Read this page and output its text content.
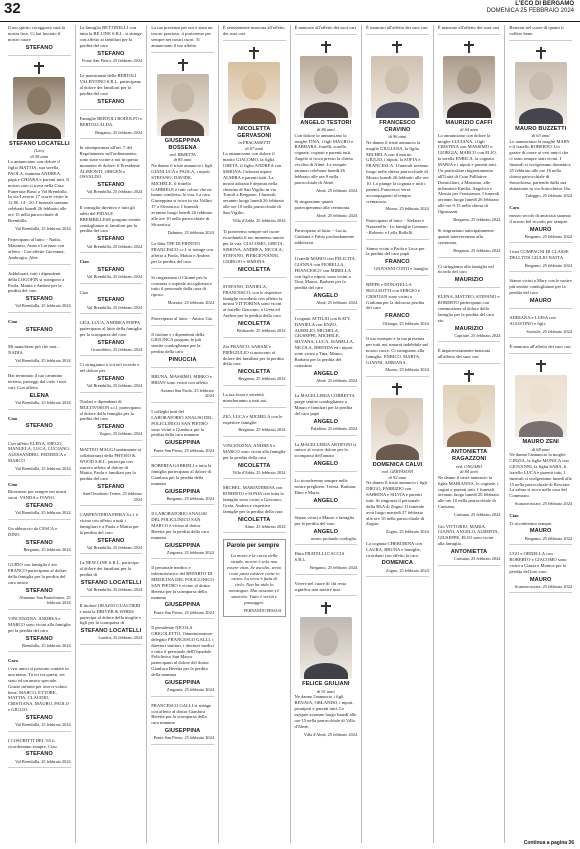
32	L'ECO DI BERGAMO
DOMENICA 25 FEBBRAIO 2024

Il tuo spirito coraggioso sarà la nostra luce. Ci hai lasciato il nostro cuore

STEFANO
STEFANO LOCATELLI
(Lito)
di 58 anni

Lo annunciano con dolore il figlio MATTIA, sua sorella PAOLA, mamma ANDREA, papà e CHIARA e parenti tutti. Il nostro caro si trova nella Casa Funeraria Bassi a Val Brembilla. In via Lavorio 17 scorre visite le 12.00, 14 - 20. I funerali saranno celebrati lunedì 26 febbraio alle ore 15 nella parrocchiale di Brembilla.

Val Brembilla, 25 febbraio 2024

Partecipano al lutto: - Nadia, Massimo, Anna e Lorenzo con affetto - Con affetto Giovanna, Ambrogio, Alex

Addolorati, tutti i dipendenti della LOGOFIN si stringono a Paola, Mattia e Andrea per la perdita del caro

STEFANO
Val Brembilla, 25 febbraio 2024

Ciao

STEFANO

Mi mancherai più che mai... NADIA

Val Brembilla, 25 febbraio 2024

Hai terminato il tuo cammino terreno, proteggi dal cielo i tuoi cari. Con affetto

ELENA
Val Brembilla, 25 febbraio 2024

Ciao

STEFANO

Con affetto ELENA, DIEGO, MANUELA, LUCA, LUCIANO, ALESSANDRO, FEDERICA e MARCO

Val Brembilla, 25 febbraio 2024

Ciao

Ritornerai per sempre nei nostri cuori. VANDA e IVANO.

STEFANO
Val Brembilla, 25 febbraio 2024

Un abbraccio da CESCA e DINO.

STEFANO
Bergamo, 25 febbraio 2024

GUIDO con famiglia e zio FRANCO partecipano al dolore della famiglia per la perdita del caro amico

STEFANO
Almenno San Bartolomeo, 25 febbraio 2024

VINCENZINA, ANDREA e MARCO sono vicini alla famiglia per la perdita del caro

STEFANO
Brembilla, 25 febbraio 2024

Caro

i veri amici si possono contare in una mano. Tu eri tra questi, sei stato ed un amico speciale. Grazie infinite per averci voluto bene. MARCO, ETTORE, MATTIA, CLAUDIO, CRISTIANA, MAURO, PAOLO e GIULIO.

STEFANO
Val Brembilla, 25 febbraio 2024

I COSCRITTI DEL '65 ti ricorderanno sempre. Ciao

STEFANO
Val Brembilla, 25 febbraio 2024

La famiglia BETTINELLI con tutta la BE LINE S.R.L. si stringe con affetto ai familiari per la perdita del caro

STEFANO
Ponte San Pietro, 25 febbraio 2024

Le maestranze della BERTOLI VALENTINO S.R.L. partecipano al dolore dei familiari per la perdita del caro

STEFANO

Famiglie BERTOLI RODOLFO e BERTOLI ALDA.

Bergamo, 25 febbraio 2024

In ottemperanza all'art. 7 del Regolamento sull'ordinamento, sono state vicine a noi in questo momento di dolore: il Presidente ALIMONTI, ORIGEN e OSVALDO.

STEFANO
Val Brembilla, 25 febbraio 2024

Il consiglio direttivo e tutti gli atleti del FIDALE BREMBILLESE porgono sentite condoglianze ai familiari per la perdita del caro

STEFANO
Val Brembilla, 25 febbraio 2024

Ciao

STEFANO
Val Brembilla, 25 febbraio 2024

Ciao

STEFANO
Val Brembilla, 25 febbraio 2024

GIGI, LUCA, ANDREA POPPA partecipano al lutto della famiglia per la scomparsa del caro

STEFANO
Grassobbio, 25 febbraio 2024

Ci stringiamo a voi nel ricordo e nel dolore per

STEFANO
Val Brembilla, 25 febbraio 2024

Titolari e dipendenti di MULTIVISION s.r.l. partecipano al dolore della famiglia per la perdita del caro

STEFANO
Zogno, 25 febbraio 2024

MATTEO MAGGI unitamente ai collaboratori della PHYSIO & WOOD S.R.L. partecipa con sincero affetto al dolore di Mattia, Paola e familiari per la perdita del caro

STEFANO
Sant'Omobono Terme, 25 febbraio 2024

CARPENTERIA PIERA S.r.l. è vicina con affetto a tutti i famigliari e a Paola e Mattia per la perdita del caro

STEFANO
Val Brembilla, 25 febbraio 2024

La NEW LINE S.R.L. partecipa al dolore dei familiari per la perdita di

STEFANO LOCATELLI
Val Brembilla, 25 febbraio 2024

Il titolare ORAZIO GUALTIERI e tutta la DRIVER & WIRES partecipa al dolore della moglie e figli per la scomparsa di

STEFANO LOCATELLI
Londra, 25 febbraio 2024

La tua presenza per noi è stata un tesoro prezioso, ti porteremo per sempre nei nostri cuori. Ti annunciano il tuo affetto

GIUSEPPINA BOSSENA
ved. BERETTA
di 85 anni

Ne danno il triste annuncio i figli GIANLUCA e PAOLA, i nipoti STEFANO, DAVIDE, MICHELE, il fratello GABRIELE e tutti coloro che ne hanno condiviso la vita. La cara Giuseppina si trova in via Vallini 17 a Sforzatica. I funerali avranno luogo lunedì 26 febbraio alle ore 10 nella parrocchiale di Sforzatica.

Dalmine, 25 febbraio 2024

La ditta TPE DI FRINITO FRANCESCO s.r.l. si stringe con affetto a Paola, Mattia e Andrea per la perdita del caro

Si ringraziano il Chinnè per la consueta e ospitale accoglienza e tutto il personale della casa di riposo.

Mozzate, 25 febbraio 2024

Partecipano al lutto: - Amico Gio

Il titolare e i dipendenti della GIOLINCA porgono le più sentite condoglianze per la perdita della cara

PINUCCIA

BRUNA, MASSIMO, MIRKO e BRIAN sono vicini con affetto

Azzano San Paolo, 25 febbraio 2024

I colleghi tutti del LABORATORIO ANALISI DEL POLICLINICO SAN PIETRO sono vicini a Gianluca per la perdita della cara mamma

GIUSEPPINA
Ponte San Pietro, 25 febbraio 2024

ROBERTA GABRIELI e tutta la famiglia partecipano al dolore di Gianluca per la perdita della mamma

GIUSEPPINA
Bergamo, 25 febbraio 2024

Il LABORATORIO ANALISI DEL POLICLINICO SAN MARCO è vicino al dottor Beretta per la perdita della cara mamma

GIUSEPPINA
Zingonia, 25 febbraio 2024

Il personale medico e infermieristico del REPARTO DI MEDICINA DEL POLICLINICO SAN PIETRO è vicino al dottor Beretta per la scomparsa della mamma

GIUSEPPINA
Ponte San Pietro, 25 febbraio 2024

Il presidente NICOLA GRIGOLETTO, l'amministratore delegato FRANCESCO GALLI, i direttori sanitari, i direttori medici e tutto il personale dell'Ospedale Policlinico San Marco partecipano al dolore del dottor Gianluca Beretta per la perdita della mamma

GIUSEPPINA
Zingonia, 25 febbraio 2024

FRANCESCO GALLI si stringe con affetto al dottor Gianluca Beretta per la scomparsa della cara mamma

GIUSEPPINA
Ponte San Pietro, 25 febbraio 2024

È serenamente mancata all'affetto dei suoi cari

NICOLETTA GERVASONI
in FRACASSETTI
di 67 anni

Lo annunciano con dolore il marito GIACOMO, la figlia GRETA, il figlio ANDREA con SIMONA, l'adorata nipote ALMIRA e parenti tutti. La nostra adorata è deposta nella chiesina di San Vigilio in via Tortoli a Bergamo. I funerali avranno luogo lunedì 26 febbraio alle ore 10 nella parrocchiale di San Vigilio.

Villa d'Adda, 25 febbraio 2024

Ti porteremo sempre nel cuore ricordando il tuo immenso amore per la vita. GIACOMO, GRETA, SIMONA, ANDREA, NICOLA, STEFANO, PIERGIOVANNI, GIORGIO e SIMONA

NICOLETTA

STEFANO, DANIELA, FRANCESCO, con le rispettive famiglie ricordano con affetto la nostra VITTORINA sono vicini al fratello Giacomo, a Greta ed Andrea per la perdita della cara

NICOLETTA
Bedizzole, 25 febbraio 2024

Zio FRANCO, SABAM e PIERGIULIO si uniscono al dolore dei familiari per la perdita della cara

NICOLETTA
Bergamo, 25 febbraio 2024

La tua forza e serenità mancheranno a tutti noi.

ZIO, LUCA e MICHELA con le rispettive famiglie.

Bergamo, 25 febbraio 2024

VINCENZINA, ANDREA e MARCO sono vicini alla famiglia per la perdita della cara

NICOLETTA
Villa d'Adda, 25 febbraio 2024

MICHEL, MARIATERESA con ROBERTO e SONIA con tutta la famiglia sono vicini a Giacomo, Greta, Andrea e rispettive famiglie per la perdita della cara

NICOLETTA
Alme, 25 febbraio 2024
Parole per sempre
La morte è la curva della strada, morire è solo non essere visto. Se ascolto, sento i tuoi passi esistere come io esisto. La terra è fatta di cielo. Non ha nido la menzogna. Mai nessuno s'è smarrito. Tutto è verità e passaggio.
FERNANDO PESSOA

È mancato all'affetto dei suoi cari

ANGELO TESTORI
di 86 anni

Con dolore lo annunciano la moglie TINA, i figli MAURO e BARBARA, fratelli, sorelle, cognate, cognati e parenti tutti. Angelo si trova presso la chiesa vecchia di Almè. Le esequie saranno celebrate lunedì 26 febbraio alle ore 9 nella parrocchiale di Almè.

Almè, 25 febbraio 2024

Si ringraziano quanti parteciperanno alla cerimonia.

Almè, 25 febbraio 2024

Partecipano al lutto: - Lucia, Giuliana e Fabio profondamente addolorati

I fratelli MARIO con FELICITA, GIANNA con FIORELLA, FRANCESCO con MIRELLA con figli e nipoti, sono vicini a Tina, Mauro, Barbara per la perdita del caro

ANGELO
Almè, 25 febbraio 2024

I cognati ATTILIO con KATY, DANIELA con ENZO, AURELIO, MICHELA, GIUSEPPE, MICHELE, SILVANA, LUCA, ISABELLA, NICOLA, BRENDA ed i nipoti sono vicini a Tina, Mauro, Barbara per la perdita del carissimo

ANGELO
Almè, 25 febbraio 2024

La MACELLERIA CORBETTA porge sentite condoglianze a Mauro e familiari per la perdita del caro papà

ANGELO
Paladina, 25 febbraio 2024

La MACELLERIA ARTIFONI si unisce al vostro dolore per la scomparsa dell'amato

ANGELO

Lo ricorderemo sempre nelle nostre preghiere. Teresa, Barbara, Dino e Mario.

ANGELO

Siamo vicini a Mauro e famiglia per la perdita del caro

ANGELO
nostro profondo cordoglio.

Ditta FRATELLI CACCIA S.R.L.

Bergamo, 25 febbraio 2024

Vivere nel cuore di chi resta significa non morire mai.

FELICE GIULIANI
di 91 anni

Ne danno l'annuncio i figli RENATA, ORLANDO, i nipoti, pronipoti e parenti tutti. Le esequie avranno luogo lunedì alle ore 15 nella parrocchiale di Villa d'Almè.

Villa d'Almè, 25 febbraio 2024

È mancato all'affetto dei suoi cari

FRANCESCO CRAVINO
di 96 anni

Ne danno il triste annuncio la moglie GIULIANA, la figlia MICHELA con il marito GIULIO, i nipoti, la SOFIA e FRANCESCA. I funerali avranno luogo nella chiesa parrocchiale di Mozzo lunedì 26 febbraio alle ore 10. Lo piange la cognata e tutti i parenti. Francesco verrà accompagnato al tempio crematorio.

Mozzo, 25 febbraio 2024

Partecipano al lutto: - Stefano e Nazzarella - Le famiglie Gennaro - Roberto e Lella Bollelli

Siamo vicini a Paola e Luca per la perdita del caro papà

FRANCO
GIOVANNI CONTI e famiglia.

BEPPE e DONATELLA BUGGIOTTI con SERGIO e CRISTIAN sono vicini a Giuliana per la dolorosa perdita del caro

FRANCO
Villongo, 25 febbraio 2024

Il tuo esempio e la tua presenza per tutti noi rimarrà indelebile nel nostro cuore. Ci stringiamo alla famiglia. ENRICO, MARTA, GIANNI, ADRIANA.

Mozzo, 25 febbraio 2024
DOMENICA CALVI
ved. GERVASONI
di 92 anni

Ne danno il triste annuncio i figli DIEGO, FABRIZIO con SABRINA e SILVIA e parenti tutti. Si ringrazia il personale della RSA di Zogno. Il funerale avrà luogo martedì 27 febbraio alle ore 10 nella parrocchiale di Zogno.

Zogno, 25 febbraio 2024

La cognata CHERUBINA con LAURA, BRUNA e famiglie, ricordano con affetto la cara

DOMENICA
Zogno, 25 febbraio 2024

È mancato all'affetto dei suoi cari

MAURIZIO CAFFI
di 64 anni

Lo annunciano con dolore la moglie LUCIANA, i figli CRISTINA con MASSIMO e GIORGIA, MARCO con ELIO, la sorella ENRICA, la cognata MARIA e i nipoti e parenti tutti. Un particolare ringraziamento all'Unità di Cure Palliative Domiciliari, a Massimo, alle infermiere Emilia, Angelica e Alessia per l'assistenza. I funerali avranno luogo lunedì 26 febbraio alle ore 9.15 nella chiesa di Ognissanti.

Bergamo, 25 febbraio 2024

Si ringraziano anticipatamente quanti interverranno alla cerimonia.

Bergamo, 25 febbraio 2024

Ci stringiamo alla famiglia nel ricordo del caro

MAURIZIO

ELENA, MATTEO, STEFANO e ROBERTO partecipano con commozione al dolore della famiglia per la perdita del caro zio

MAURIZIO
Capriate, 25 febbraio 2024

È improvvisamente mancata all'affetto dei suoi cari

ANTONIETTA RAGAZZONI
ved. ONGARO
di 84 anni

Ne danno il triste annuncio la figlia MARIANNA, le cognate, i cugini e parenti tutti. I funerali avranno luogo lunedì 26 febbraio alle ore 10 nella parrocchiale di Carisana.

Carisana, 25 febbraio 2024

Gio VITTORIO, MARIA, GIANNI, ANGELO, ALBERTA, GIUSEPPE, ELIO sono vicini alla famiglia.

ANTONIETTA
Carisana, 25 febbraio 2024

Resterai nel cuore di quanti ti vollero bene.

MAURO BUZZETTI
di 63 anni

Lo annunciano la moglie MARY e il fratello ROBERTO. Un grazie di cuore ai veri amici che ci sono sempre stati vicini. I funerali si svolgeranno domenica 25 febbraio alle ore 16 nella chiesa parrocchiale di Sottochiesa, partendo dalla sua abitazione in via Sottochiesa 16a.

Taleggio, 25 febbraio 2024

Caro

mezzo secolo di amicizia saranno il nostro bel ricordo per sempre.

MAURO
Bergamo, 25 febbraio 2024

I tuoi COMPAGNI DI CLASSE DELL'ITIS GIULIO NATTA.

Bergamo, 25 febbraio 2024

Siamo vicini a Mary con le nostre più sentite condoglianze per la perdita del caro

MAURO

ADRIANA e LUISA con AGOSTINO e figli.

Sorisole, 25 febbraio 2024

È mancata all'affetto dei suoi cari

MAURO ZENI
di 68 anni

Ne danno l'annuncio la moglie CINZIA, la figlia MONICA con GIOVANNI, la figlia SARA, il fratello LUCA e parenti tutti. I funerali si svolgeranno lunedì alle 15 nella parrocchiale di Rosciate. La salma si trova nella casa del Commiato.

Scanzorosciate, 25 febbraio 2024

Ciao

Ti ricorderemo sempre.

MAURO
Bergamo, 25 febbraio 2024

UGO e ORNELLA con ROBERTO e GIACOMO sono vicini a Cinzia e Monica per la perdita del loro caro

MAURO
Scanzorosciate, 25 febbraio 2024
Continua a pagina 36
